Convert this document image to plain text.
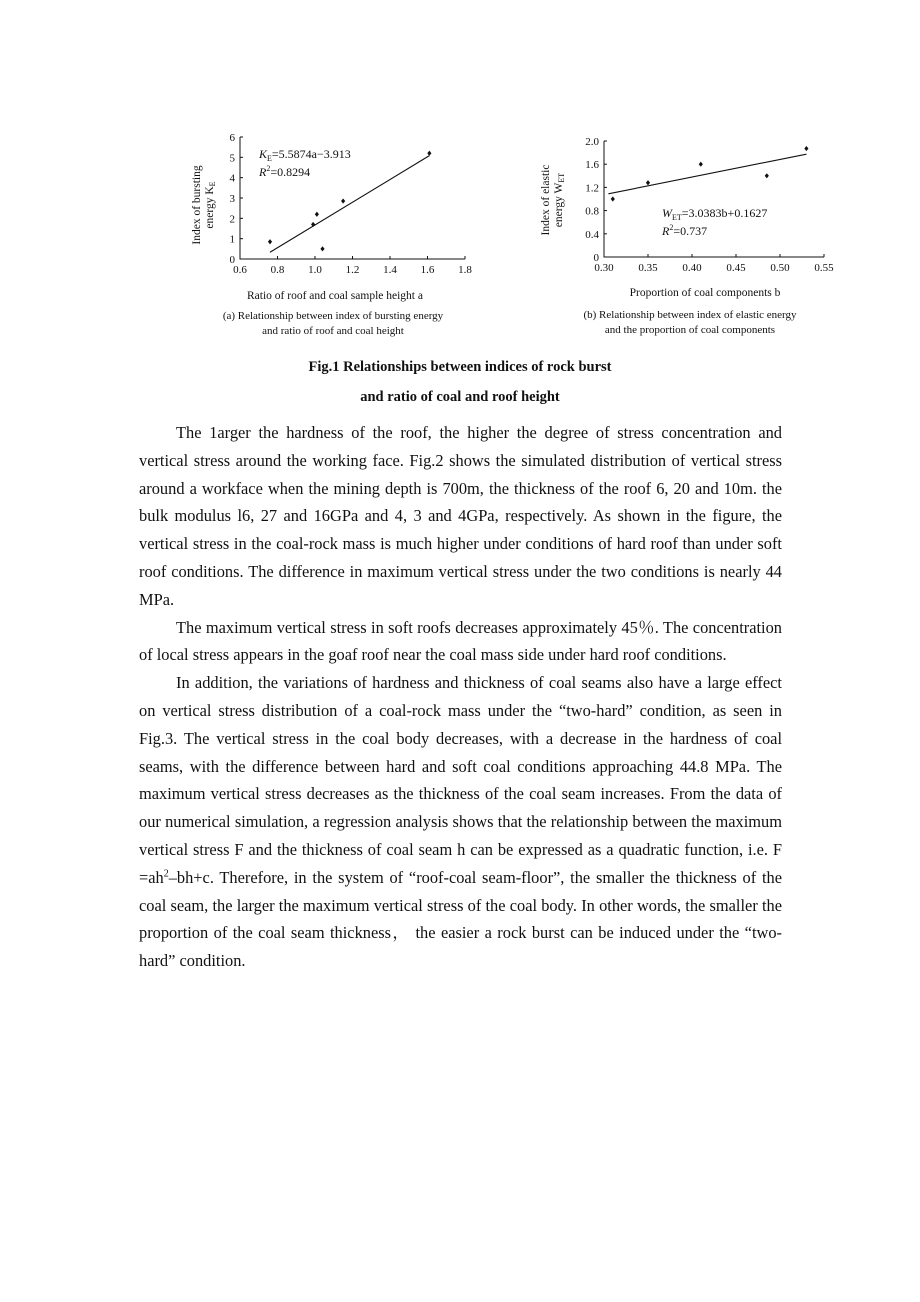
0.6 0.8 1.0 1.2 1.4 1.6 1.8
0
1
2
3
4
5
6
$K_E=5.5874a-3.913$
$R^2=0.8294$
Index of bursting energy KE
Ratio of roof and coal sample height a
(a) Relationship between index of bursting energy
and ratio of roof and coal height
0.30 0.35 0.40 0.45 0.50 0.55
0
0.4
0.8
1.2
1.6
2.0
$W_{ET}=3.0383b+0.1627$
$R^2=0.737$
Index of elastic energy WET
Proportion of coal components b
(b) Relationship between index of elastic energy
and the proportion of coal components
Fig.1 Relationships between indices of rock burst
and ratio of coal and roof height

The 1arger the hardness of the roof, the higher the degree of stress concentration and vertical stress around the working face. Fig.2 shows the simulated distribution of vertical stress around a workface when the mining depth is 700m, the thickness of the roof 6, 20 and 10m. the bulk modulus l6, 27 and 16GPa and 4, 3 and 4GPa, respectively. As shown in the figure, the vertical stress in the coal-rock mass is much higher under conditions of hard roof than under soft roof conditions. The difference in maximum vertical stress under the two conditions is nearly 44 MPa.

The maximum vertical stress in soft roofs decreases approximately 45％. The concentration of local stress appears in the goaf roof near the coal mass side under hard roof conditions.

In addition, the variations of hardness and thickness of coal seams also have a large effect on vertical stress distribution of a coal-rock mass under the “two-hard” condition, as seen in Fig.3. The vertical stress in the coal body decreases, with a decrease in the hardness of coal seams, with the difference between hard and soft coal conditions approaching 44.8 MPa. The maximum vertical stress decreases as the thickness of the coal seam increases. From the data of our numerical simulation, a regression analysis shows that the relationship between the maximum vertical stress F and the thickness of coal seam h can be expressed as a quadratic function, i.e. $F =ah^2-bh+c$. Therefore, in the system of “roof-coal seam-floor”, the smaller the thickness of the coal seam, the larger the maximum vertical stress of the coal body. In other words, the smaller the proportion of the coal seam thickness， the easier a rock burst can be induced under the “two-hard” condition.
